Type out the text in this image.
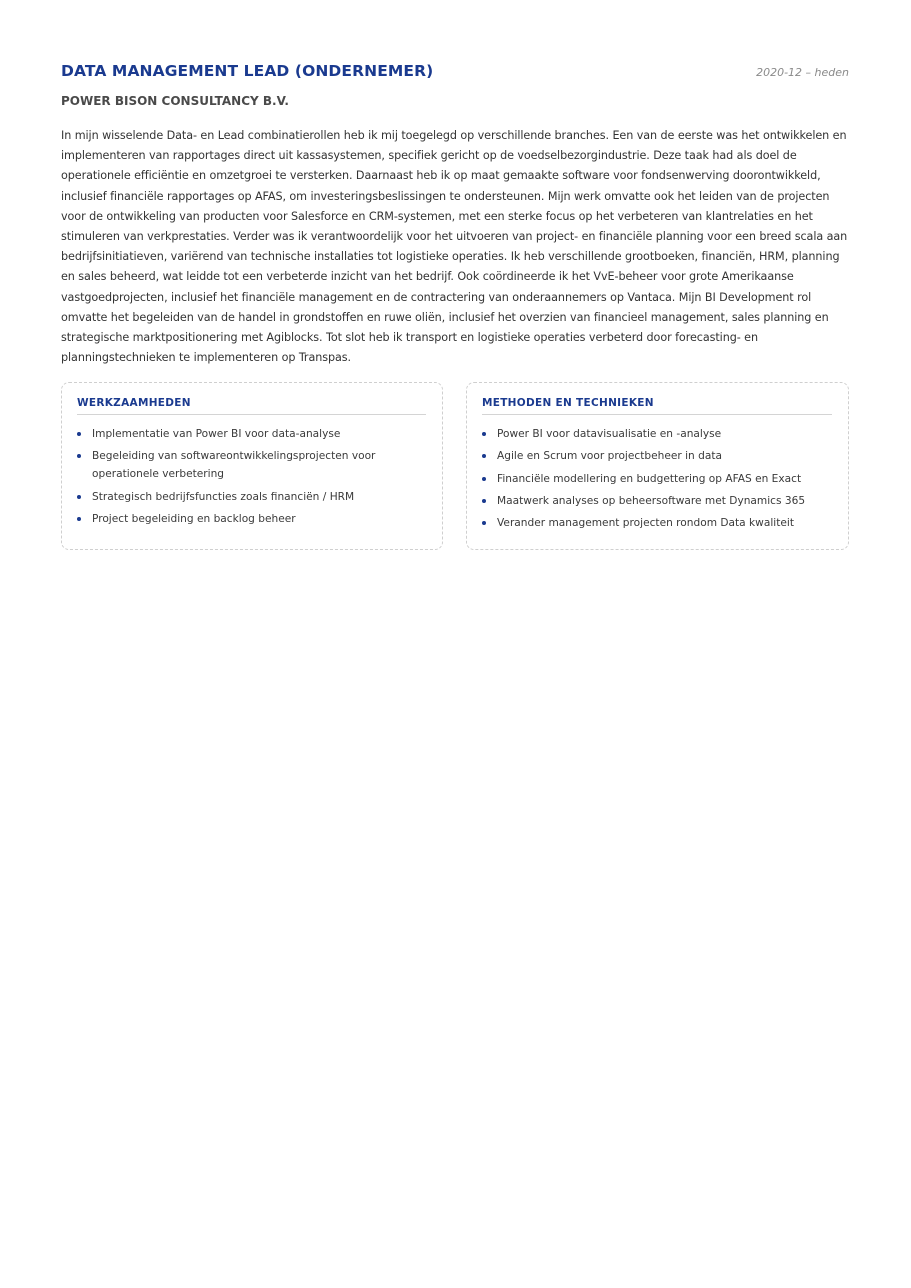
DATA MANAGEMENT LEAD (ONDERNEMER)	2020-12 – heden
POWER BISON CONSULTANCY B.V.
In mijn wisselende Data- en Lead combinatierollen heb ik mij toegelegd op verschillende branches. Een van de eerste was het ontwikkelen en implementeren van rapportages direct uit kassasystemen, specifiek gericht op de voedselbezorgindustrie. Deze taak had als doel de operationele efficiëntie en omzetgroei te versterken. Daarnaast heb ik op maat gemaakte software voor fondsenwerving doorontwikkeld, inclusief financiële rapportages op AFAS, om investeringsbeslissingen te ondersteunen. Mijn werk omvatte ook het leiden van de projecten voor de ontwikkeling van producten voor Salesforce en CRM-systemen, met een sterke focus op het verbeteren van klantrelaties en het stimuleren van verkprestaties. Verder was ik verantwoordelijk voor het uitvoeren van project- en financiële planning voor een breed scala aan bedrijfsinitiatieven, variërend van technische installaties tot logistieke operaties. Ik heb verschillende grootboeken, financiën, HRM, planning en sales beheerd, wat leidde tot een verbeterde inzicht van het bedrijf. Ook coördineerde ik het VvE-beheer voor grote Amerikaanse vastgoedprojecten, inclusief het financiële management en de contractering van onderaannemers op Vantaca. Mijn BI Development rol omvatte het begeleiden van de handel in grondstoffen en ruwe oliën, inclusief het overzien van financieel management, sales planning en strategische marktpositionering met Agiblocks. Tot slot heb ik transport en logistieke operaties verbeterd door forecasting- en planningstechnieken te implementeren op Transpas.
WERKZAAMHEDEN
Implementatie van Power BI voor data-analyse
Begeleiding van softwareontwikkelingsprojecten voor operationele verbetering
Strategisch bedrijfsfuncties zoals financiën / HRM
Project begeleiding en backlog beheer
METHODEN EN TECHNIEKEN
Power BI voor datavisualisatie en -analyse
Agile en Scrum voor projectbeheer in data
Financiële modellering en budgettering op AFAS en Exact
Maatwerk analyses op beheersoftware met Dynamics 365
Verander management projecten rondom Data kwaliteit
